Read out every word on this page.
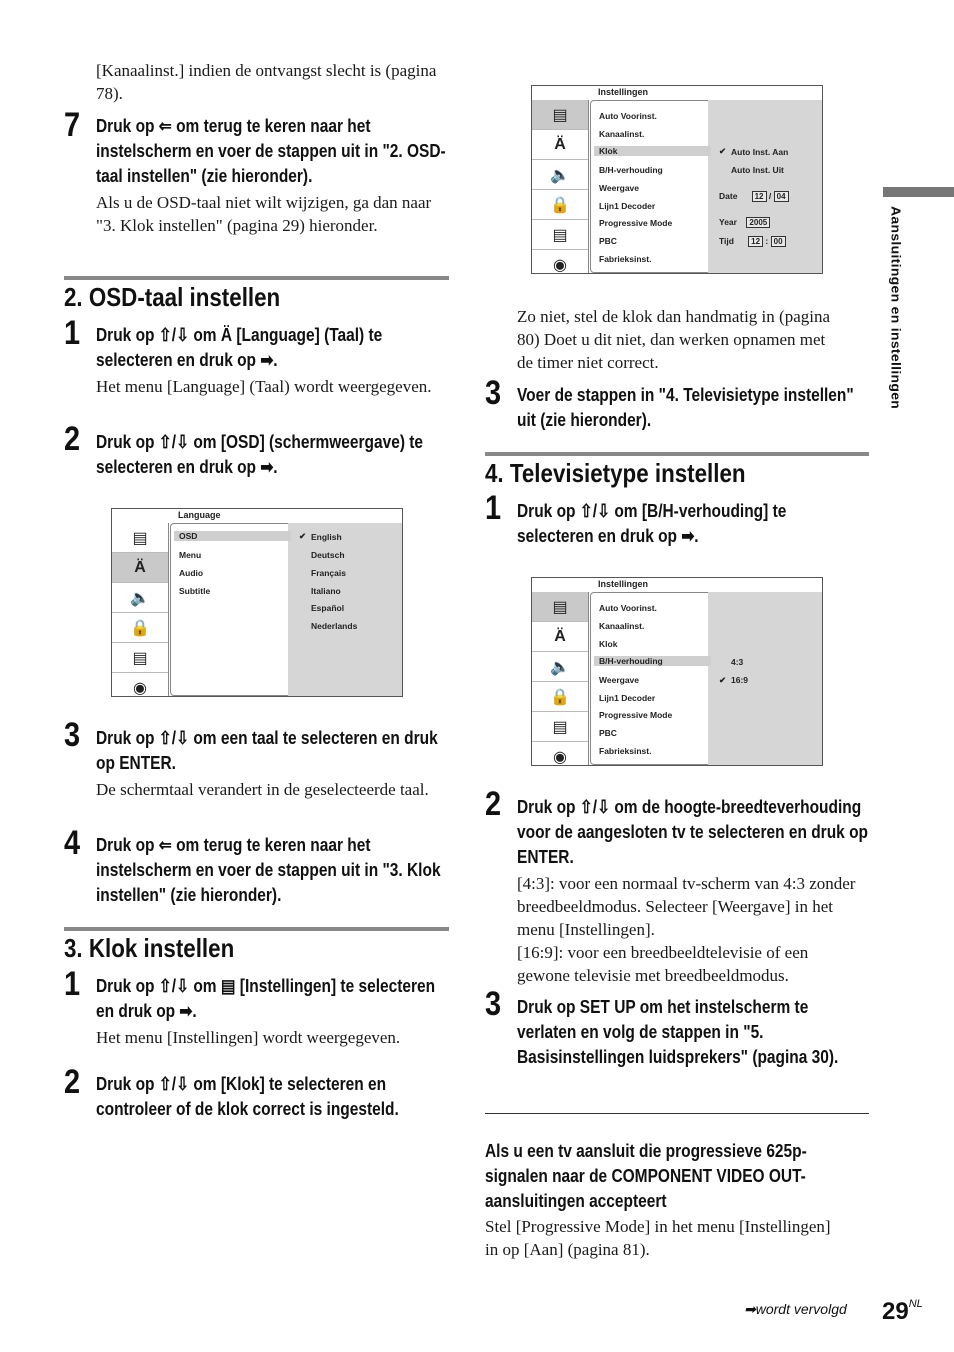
[Kanaalinst.] indien de ontvangst slecht is (pagina 78).
7 Druk op ⇐ om terug te keren naar het instelscherm en voer de stappen uit in "2. OSD-taal instellen" (zie hieronder).
Als u de OSD-taal niet wilt wijzigen, ga dan naar "3. Klok instellen" (pagina 29) hieronder.
2. OSD-taal instellen
1 Druk op ⇧/⇩ om Ä [Language] (Taal) te selecteren en druk op ➡.
Het menu [Language] (Taal) wordt weergegeven.
2 Druk op ⇧/⇩ om [OSD] (schermweergave) te selecteren en druk op ➡.
Language
▤
Ä
🔈
🔒
▤
◉
OSD
Menu
Audio
Subtitle
✔ English
Deutsch
Français
Italiano
Español
Nederlands
3 Druk op ⇧/⇩ om een taal te selecteren en druk op ENTER.
De schermtaal verandert in de geselecteerde taal.
4 Druk op ⇐ om terug te keren naar het instelscherm en voer de stappen uit in "3. Klok instellen" (zie hieronder).
3. Klok instellen
1 Druk op ⇧/⇩ om ▤ [Instellingen] te selecteren en druk op ➡.
Het menu [Instellingen] wordt weergegeven.
2 Druk op ⇧/⇩ om [Klok] te selecteren en controleer of de klok correct is ingesteld.
Instellingen
▤
Ä
🔈
🔒
▤
◉
Auto Voorinst.
Kanaalinst.
Klok
B/H-verhouding
Weergave
Lijn1 Decoder
Progressive Mode
PBC
Fabrieksinst.
✔ Auto Inst. Aan
Auto Inst. Uit
Date 12 / 04
Year 2005
Tijd 12 : 00
Zo niet, stel de klok dan handmatig in (pagina 80) Doet u dit niet, dan werken opnamen met de timer niet correct.
3 Voer de stappen in "4. Televisietype instellen" uit (zie hieronder).
4. Televisietype instellen
1 Druk op ⇧/⇩ om [B/H-verhouding] te selecteren en druk op ➡.
Instellingen
▤
Ä
🔈
🔒
▤
◉
Auto Voorinst.
Kanaalinst.
Klok
B/H-verhouding
Weergave
Lijn1 Decoder
Progressive Mode
PBC
Fabrieksinst.
4:3
✔ 16:9
2 Druk op ⇧/⇩ om de hoogte-breedteverhouding voor de aangesloten tv te selecteren en druk op ENTER.
[4:3]: voor een normaal tv-scherm van 4:3 zonder breedbeeldmodus. Selecteer [Weergave] in het menu [Instellingen].
[16:9]: voor een breedbeeldtelevisie of een gewone televisie met breedbeeldmodus.
3 Druk op SET UP om het instelscherm te verlaten en volg de stappen in "5. Basisinstellingen luidsprekers" (pagina 30).
Als u een tv aansluit die progressieve 625p-signalen naar de COMPONENT VIDEO OUT-aansluitingen accepteert
Stel [Progressive Mode] in het menu [Instellingen] in op [Aan] (pagina 81).
Aansluitingen en instellingen
➡wordt vervolgd $29^{NL}$
